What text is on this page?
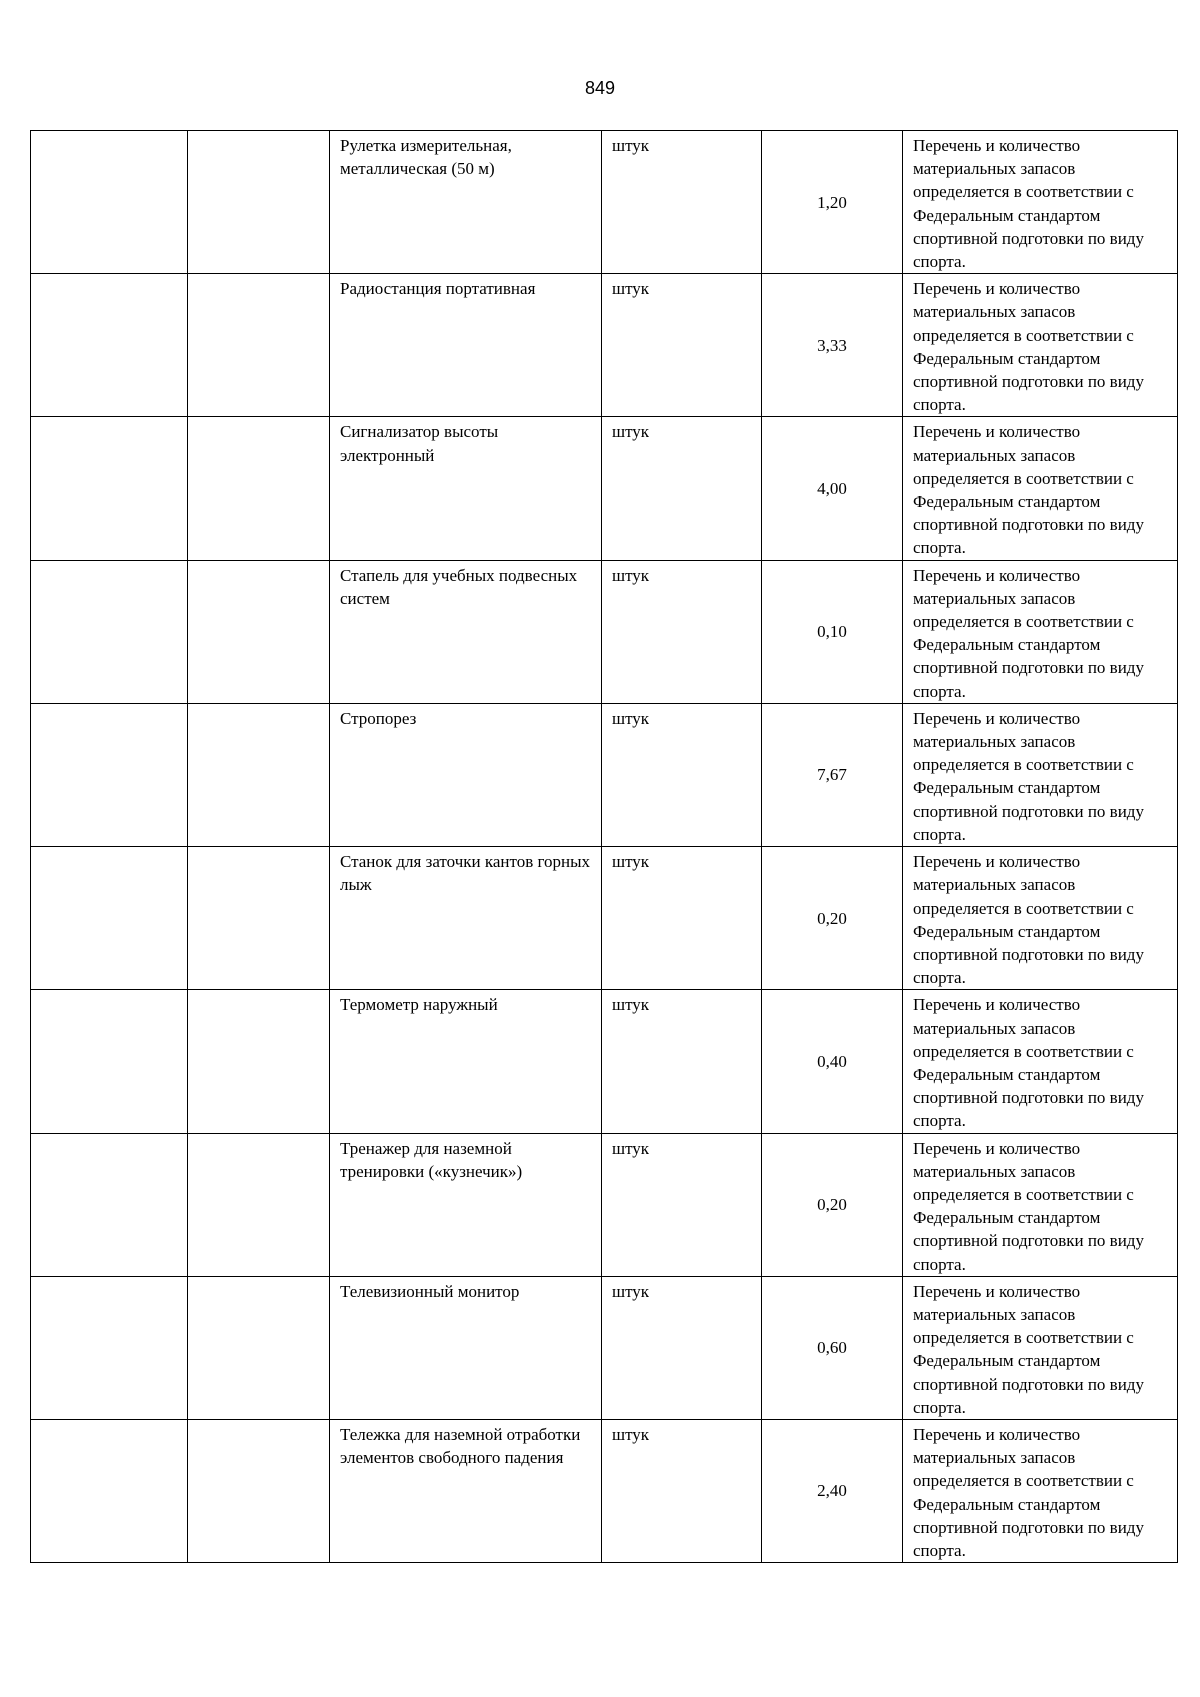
849
		Рулетка измерительная, металлическая (50 м)	штук	1,20	Перечень и количество материальных запасов определяется в соответствии с Федеральным стандартом спортивной подготовки по виду спорта.
		Радиостанция портативная	штук	3,33	Перечень и количество материальных запасов определяется в соответствии с Федеральным стандартом спортивной подготовки по виду спорта.
		Сигнализатор высоты электронный	штук	4,00	Перечень и количество материальных запасов определяется в соответствии с Федеральным стандартом спортивной подготовки по виду спорта.
		Стапель для учебных подвесных систем	штук	0,10	Перечень и количество материальных запасов определяется в соответствии с Федеральным стандартом спортивной подготовки по виду спорта.
		Стропорез	штук	7,67	Перечень и количество материальных запасов определяется в соответствии с Федеральным стандартом спортивной подготовки по виду спорта.
		Станок для заточки кантов горных лыж	штук	0,20	Перечень и количество материальных запасов определяется в соответствии с Федеральным стандартом спортивной подготовки по виду спорта.
		Термометр наружный	штук	0,40	Перечень и количество материальных запасов определяется в соответствии с Федеральным стандартом спортивной подготовки по виду спорта.
		Тренажер для наземной тренировки («кузнечик»)	штук	0,20	Перечень и количество материальных запасов определяется в соответствии с Федеральным стандартом спортивной подготовки по виду спорта.
		Телевизионный монитор	штук	0,60	Перечень и количество материальных запасов определяется в соответствии с Федеральным стандартом спортивной подготовки по виду спорта.
		Тележка для наземной отработки элементов свободного падения	штук	2,40	Перечень и количество материальных запасов определяется в соответствии с Федеральным стандартом спортивной подготовки по виду спорта.
